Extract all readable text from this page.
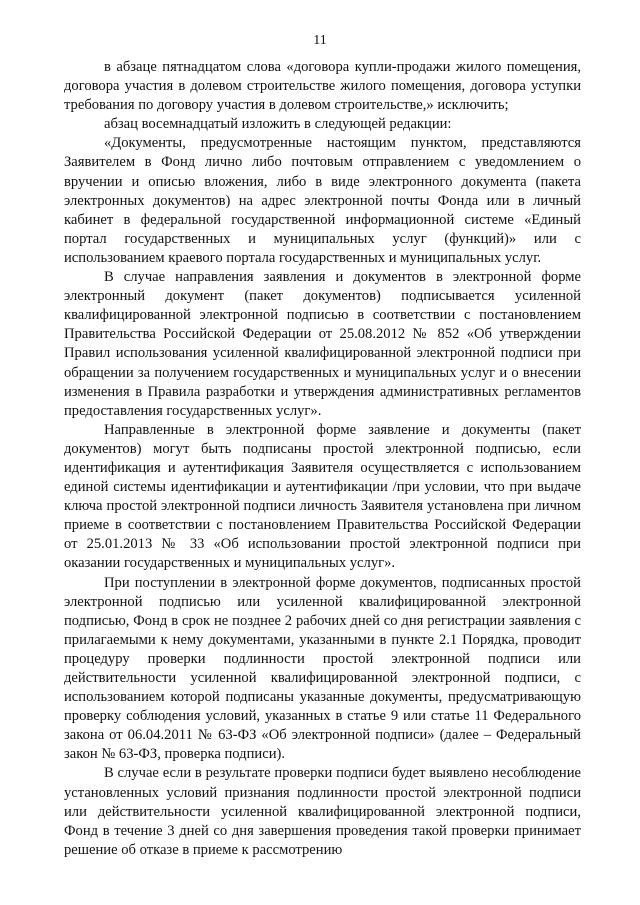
11

в абзаце пятнадцатом слова «договора купли-продажи жилого помещения, договора участия в долевом строительстве жилого помещения, договора уступки требования по договору участия в долевом строительстве,» исключить;

абзац восемнадцатый изложить в следующей редакции:

«Документы, предусмотренные настоящим пунктом, представляются Заявителем в Фонд лично либо почтовым отправлением с уведомлением о вручении и описью вложения, либо в виде электронного документа (пакета электронных документов) на адрес электронной почты Фонда или в личный кабинет в федеральной государственной информационной системе «Единый портал государственных и муниципальных услуг (функций)» или с использованием краевого портала государственных и муниципальных услуг.

В случае направления заявления и документов в электронной форме электронный документ (пакет документов) подписывается усиленной квалифицированной электронной подписью в соответствии с постановлением Правительства Российской Федерации от 25.08.2012 № 852 «Об утверждении Правил использования усиленной квалифицированной электронной подписи при обращении за получением государственных и муниципальных услуг и о внесении изменения в Правила разработки и утверждения административных регламентов предоставления государственных услуг».

Направленные в электронной форме заявление и документы (пакет документов) могут быть подписаны простой электронной подписью, если идентификация и аутентификация Заявителя осуществляется с использованием единой системы идентификации и аутентификации /при условии, что при выдаче ключа простой электронной подписи личность Заявителя установлена при личном приеме в соответствии с постановлением Правительства Российской Федерации от 25.01.2013 № 33 «Об использовании простой электронной подписи при оказании государственных и муниципальных услуг».

При поступлении в электронной форме документов, подписанных простой электронной подписью или усиленной квалифицированной электронной подписью, Фонд в срок не позднее 2 рабочих дней со дня регистрации заявления с прилагаемыми к нему документами, указанными в пункте 2.1 Порядка, проводит процедуру проверки подлинности простой электронной подписи или действительности усиленной квалифицированной электронной подписи, с использованием которой подписаны указанные документы, предусматривающую проверку соблюдения условий, указанных в статье 9 или статье 11 Федерального закона от 06.04.2011 № 63-ФЗ «Об электронной подписи» (далее – Федеральный закон № 63-ФЗ, проверка подписи).

В случае если в результате проверки подписи будет выявлено несоблюдение установленных условий признания подлинности простой электронной подписи или действительности усиленной квалифицированной электронной подписи, Фонд в течение 3 дней со дня завершения проведения такой проверки принимает решение об отказе в приеме к рассмотрению
